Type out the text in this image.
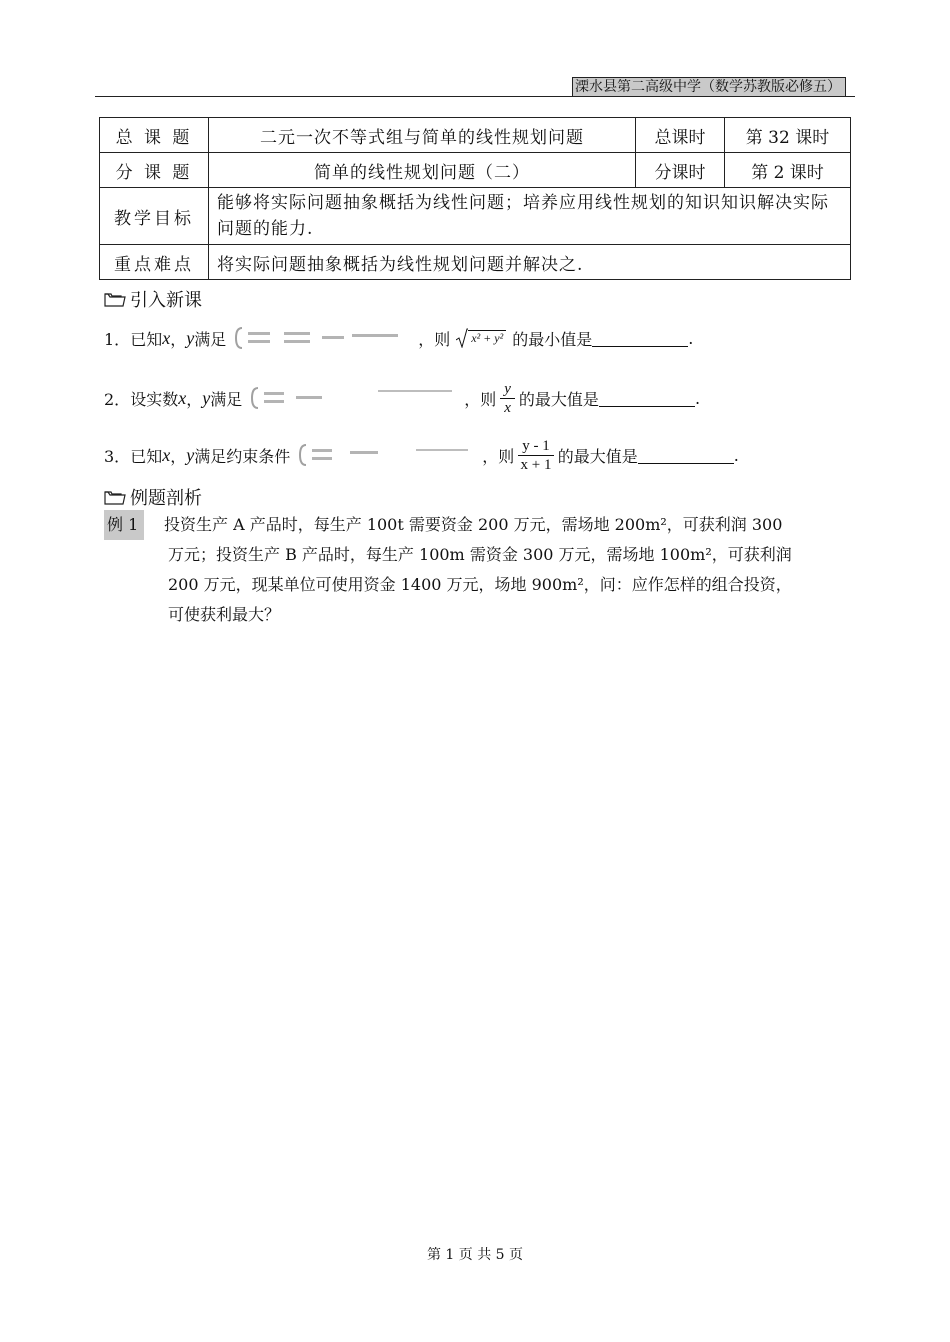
溧水县第二高级中学（数学苏教版必修五）
总 课 题	二元一次不等式组与简单的线性规划问题	总课时	第 32 课时
分 课 题	简单的线性规划问题（二）	分课时	第 2 课时
教学目标	能够将实际问题抽象概括为线性问题；培养应用线性规划的知识知识解决实际问题的能力.		
重点难点	将实际问题抽象概括为线性规划问题并解决之.		
引入新课
1． 已知 x ， y 满足	，则 x² + y² 的最小值是	.
2． 设实数 x ， y 满足	，则 $\frac{y}{x}$ 的最大值是	.
3． 已知 x ， y 满足约束条件	，则 $\frac{y - 1}{x + 1}$ 的最大值是	.
例题剖析
例 1	投资生产 A 产品时，每生产 100t 需要资金 200 万元，需场地 200m²，可获利润 300
万元；投资生产 B 产品时，每生产 100m 需资金 300 万元，需场地 100m²，可获利润
200 万元，现某单位可使用资金 1400 万元，场地 900m²，问：应作怎样的组合投资，
可使获利最大？
第 1 页 共 5 页
